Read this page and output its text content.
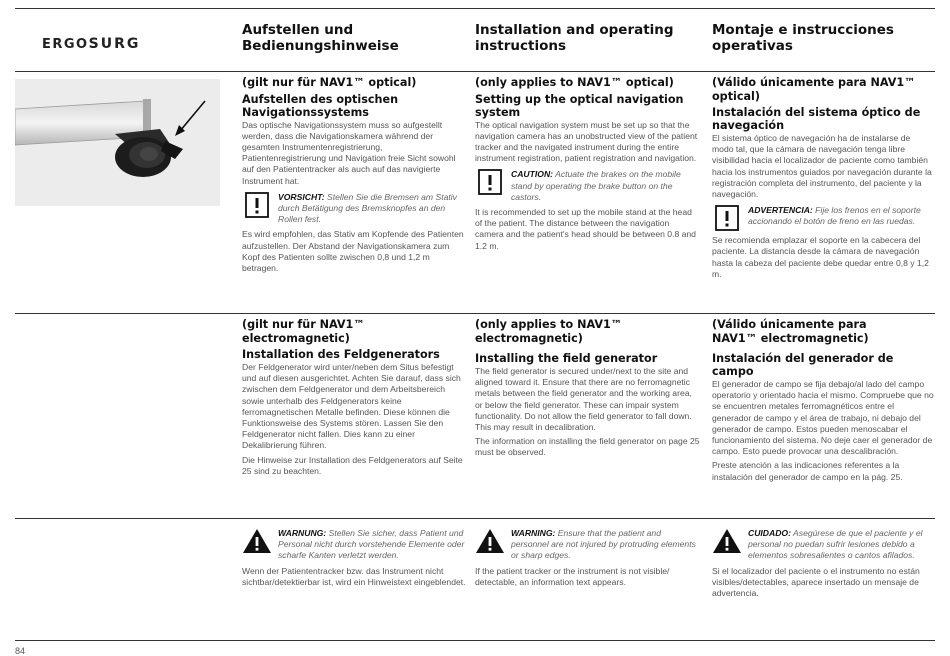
ERGOSURG
Aufstellen und Bedienungshinweise
Installation and operating instructions
Montaje e instrucciones operativas
(gilt nur für NAV1™ optical)
Aufstellen des optischen Navigationssystems

Das optische Navigationssystem muss so aufgestellt werden, dass die Navigationskamera während der gesamten Instrumentenregistrierung, Patientenregistrierung und Navigation freie Sicht sowohl auf den Patiententracker als auch auf das navigierte Instrument hat.

VORSICHT: Stellen Sie die Bremsen am Stativ durch Betätigung des Bremsknopfes an den Rollen fest.

Es wird empfohlen, das Stativ am Kopfende des Patienten aufzustellen. Der Abstand der Navigationskamera zum Kopf des Patienten sollte zwischen 0,8 und 1,2 m betragen.

(only applies to NAV1™ optical)
Setting up the optical navigation system

The optical navigation system must be set up so that the navigation camera has an unobstructed view of the patient tracker and the navigated instrument during the entire instrument registration, patient registration and navigation.

CAUTION: Actuate the brakes on the mobile stand by operating the brake button on the castors.

It is recommended to set up the mobile stand at the head of the patient. The distance between the navigation camera and the patient's head should be between 0.8 and 1.2 m.

(Válido únicamente para NAV1™ optical)
Instalación del sistema óptico de navegación

El sistema óptico de navegación ha de instalarse de modo tal, que la cámara de navegación tenga libre visibilidad hacia el localizador de paciente como también hacia los instrumentos guiados por navegación durante la registración completa del instrumento, del paciente y la navegación.

ADVERTENCIA: Fije los frenos en el soporte accionando el botón de freno en las ruedas.

Se recomienda emplazar el soporte en la cabecera del paciente. La distancia desde la cámara de navegación hasta la cabeza del paciente debe quedar entre 0,8 y 1,2 m.

(gilt nur für NAV1™ electromagnetic)
Installation des Feldgenerators

Der Feldgenerator wird unter/neben dem Situs befestigt und auf diesen ausgerichtet. Achten Sie darauf, dass sich zwischen dem Feldgenerator und dem Arbeitsbereich sowie unterhalb des Feldgenerators keine ferromagnetischen Metalle befinden. Diese können die Funktionsweise des Systems stören. Lassen Sie den Feldgenerator nicht fallen. Dies kann zu einer Dekalibrierung führen.

Die Hinweise zur Installation des Feldgenerators auf Seite 25 sind zu beachten.

(only applies to NAV1™ electromagnetic)
Installing the field generator

The field generator is secured under/next to the site and aligned toward it. Ensure that there are no ferromagnetic metals between the field generator and the working area, or below the field generator. These can impair system functionality. Do not allow the field generator to fall down. This may result in decalibration.

The information on installing the field generator on page 25 must be observed.

(Válido únicamente para NAV1™ electromagnetic)
Instalación del generador de campo

El generador de campo se fija debajo/al lado del campo operatorio y orientado hacia el mismo. Compruebe que no se encuentren metales ferromagnéticos entre el generador de campo y el área de trabajo, ni debajo del generador de campo. Estos pueden menoscabar el funcionamiento del sistema. No deje caer el generador de campo. Esto puede provocar una descalibración.

Preste atención a las indicaciones referentes a la instalación del generador de campo en la pág. 25.

WARNUNG: Stellen Sie sicher, dass Patient und Personal nicht durch vorstehende Elemente oder scharfe Kanten verletzt werden.

Wenn der Patiententracker bzw. das Instrument nicht sichtbar/detektierbar ist, wird ein Hinweistext eingeblendet.

WARNING: Ensure that the patient and personnel are not injured by protruding elements or sharp edges.

If the patient tracker or the instrument is not visible/ detectable, an information text appears.

CUIDADO: Asegúrese de que el paciente y el personal no puedan sufrir lesiones debido a elementos sobresalientes o cantos afilados.

Si el localizador del paciente o el instrumento no están visibles/detectables, aparece insertado un mensaje de advertencia.

84
